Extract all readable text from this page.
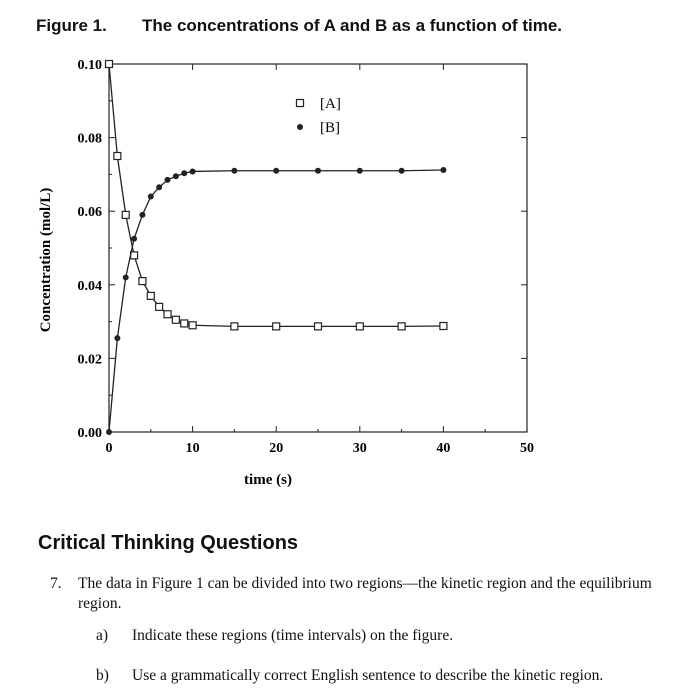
Figure 1. The concentrations of A and B as a function of time.
0	10	20	30	40	50
0.00
0.02
0.04
0.06
0.08
0.10
time (s)
Concentration (mol/L)
[A]
[B]
Critical Thinking Questions
7. The data in Figure 1 can be divided into two regions—the kinetic region and the equilibrium region.
a) Indicate these regions (time intervals) on the figure.
b) Use a grammatically correct English sentence to describe the kinetic region.
